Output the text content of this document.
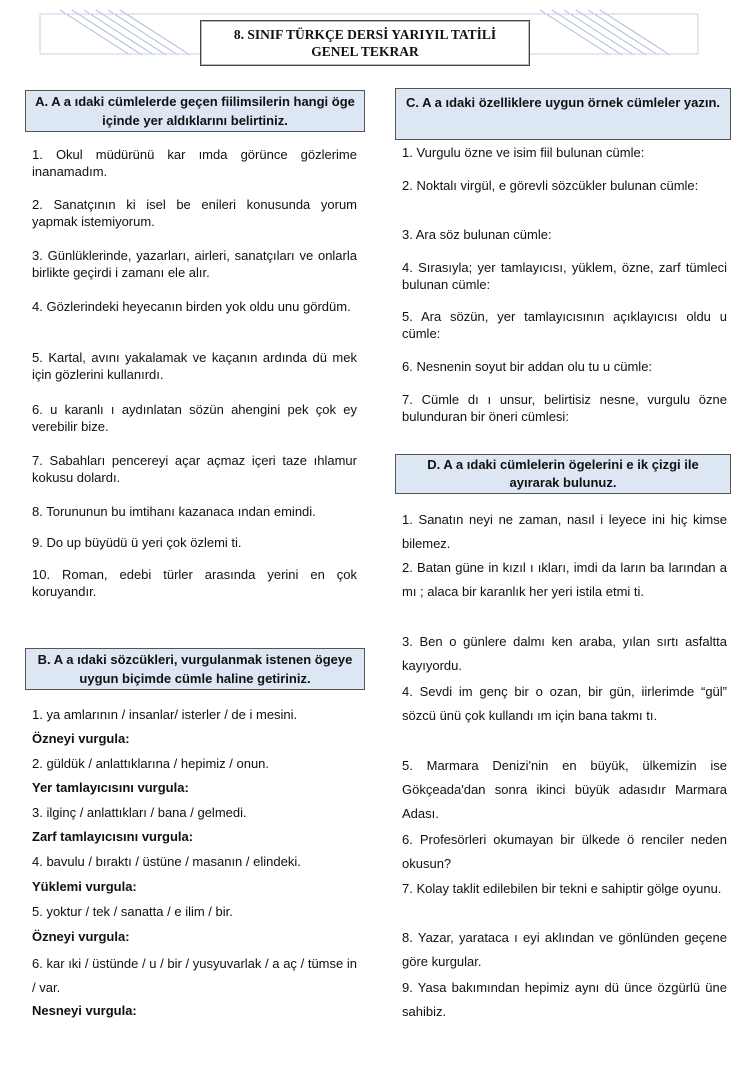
8. SINIF TÜRKÇE DERSİ YARIYIL TATİLİ
GENEL TEKRAR
A. A a ıdaki cümlelerde geçen fiilimsilerin hangi öge içinde yer aldıklarını belirtiniz.
1. Okul müdürünü kar ımda görünce gözlerime inanamadım.
2. Sanatçının ki isel be enileri konusunda yorum yapmak istemiyorum.
3. Günlüklerinde, yazarları, airleri, sanatçıları ve onlarla birlikte geçirdi i zamanı ele alır.
4. Gözlerindeki heyecanın birden yok oldu unu gördüm.
5. Kartal, avını yakalamak ve kaçanın ardında dü mek için gözlerini kullanırdı.
6. u karanlı ı aydınlatan sözün ahengini pek çok ey verebilir bize.
7. Sabahları pencereyi açar açmaz içeri taze ıhlamur kokusu dolardı.
8. Torununun bu imtihanı kazanaca ından emindi.
9. Do up büyüdü ü yeri çok özlemi ti.
10. Roman, edebi türler arasında yerini en çok koruyandır.
B. A a ıdaki sözcükleri, vurgulanmak istenen ögeye uygun biçimde cümle haline getiriniz.
1. ya amlarının / insanlar/ isterler / de i mesini.
Özneyi vurgula:
2. güldük / anlattıklarına / hepimiz / onun.
Yer tamlayıcısını vurgula:
3. ilginç / anlattıkları / bana / gelmedi.
Zarf tamlayıcısını vurgula:
4. bavulu / bıraktı / üstüne / masanın / elindeki.
Yüklemi vurgula:
5. yoktur / tek / sanatta / e ilim / bir.
Özneyi vurgula:
6. kar ıki / üstünde / u / bir / yusyuvarlak / a aç / tümse in / var.
Nesneyi vurgula:
C. A a ıdaki özelliklere uygun örnek cümleler yazın.
1. Vurgulu özne ve isim fiil bulunan cümle:
2. Noktalı virgül, e görevli sözcükler bulunan cümle:
3. Ara söz bulunan cümle:
4. Sırasıyla; yer tamlayıcısı, yüklem, özne, zarf tümleci bulunan cümle:
5. Ara sözün, yer tamlayıcısının açıklayıcısı oldu u cümle:
6. Nesnenin soyut bir addan olu tu u cümle:
7. Cümle dı ı unsur, belirtisiz nesne, vurgulu özne bulunduran bir öneri cümlesi:
D. A a ıdaki cümlelerin ögelerini e ik çizgi ile ayırarak bulunuz.
1. Sanatın neyi ne zaman, nasıl i leyece ini hiç kimse bilemez.
2. Batan güne in kızıl ı ıkları, imdi da ların ba larından a mı ; alaca bir karanlık her yeri istila etmi ti.
3. Ben o günlere dalmı ken araba, yılan sırtı asfaltta kayıyordu.
4. Sevdi im genç bir o ozan, bir gün, iirlerimde “gül” sözcü ünü çok kullandı ım için bana takmı tı.
5. Marmara Denizi'nin en büyük, ülkemizin ise Gökçeada'dan sonra ikinci büyük adasıdır Marmara Adası.
6. Profesörleri okumayan bir ülkede ö renciler neden okusun?
7. Kolay taklit edilebilen bir tekni e sahiptir gölge oyunu.
8. Yazar, yarataca ı eyi aklından ve gönlünden geçene göre kurgular.
9. Yasa bakımından hepimiz aynı dü ünce özgürlü üne sahibiz.
